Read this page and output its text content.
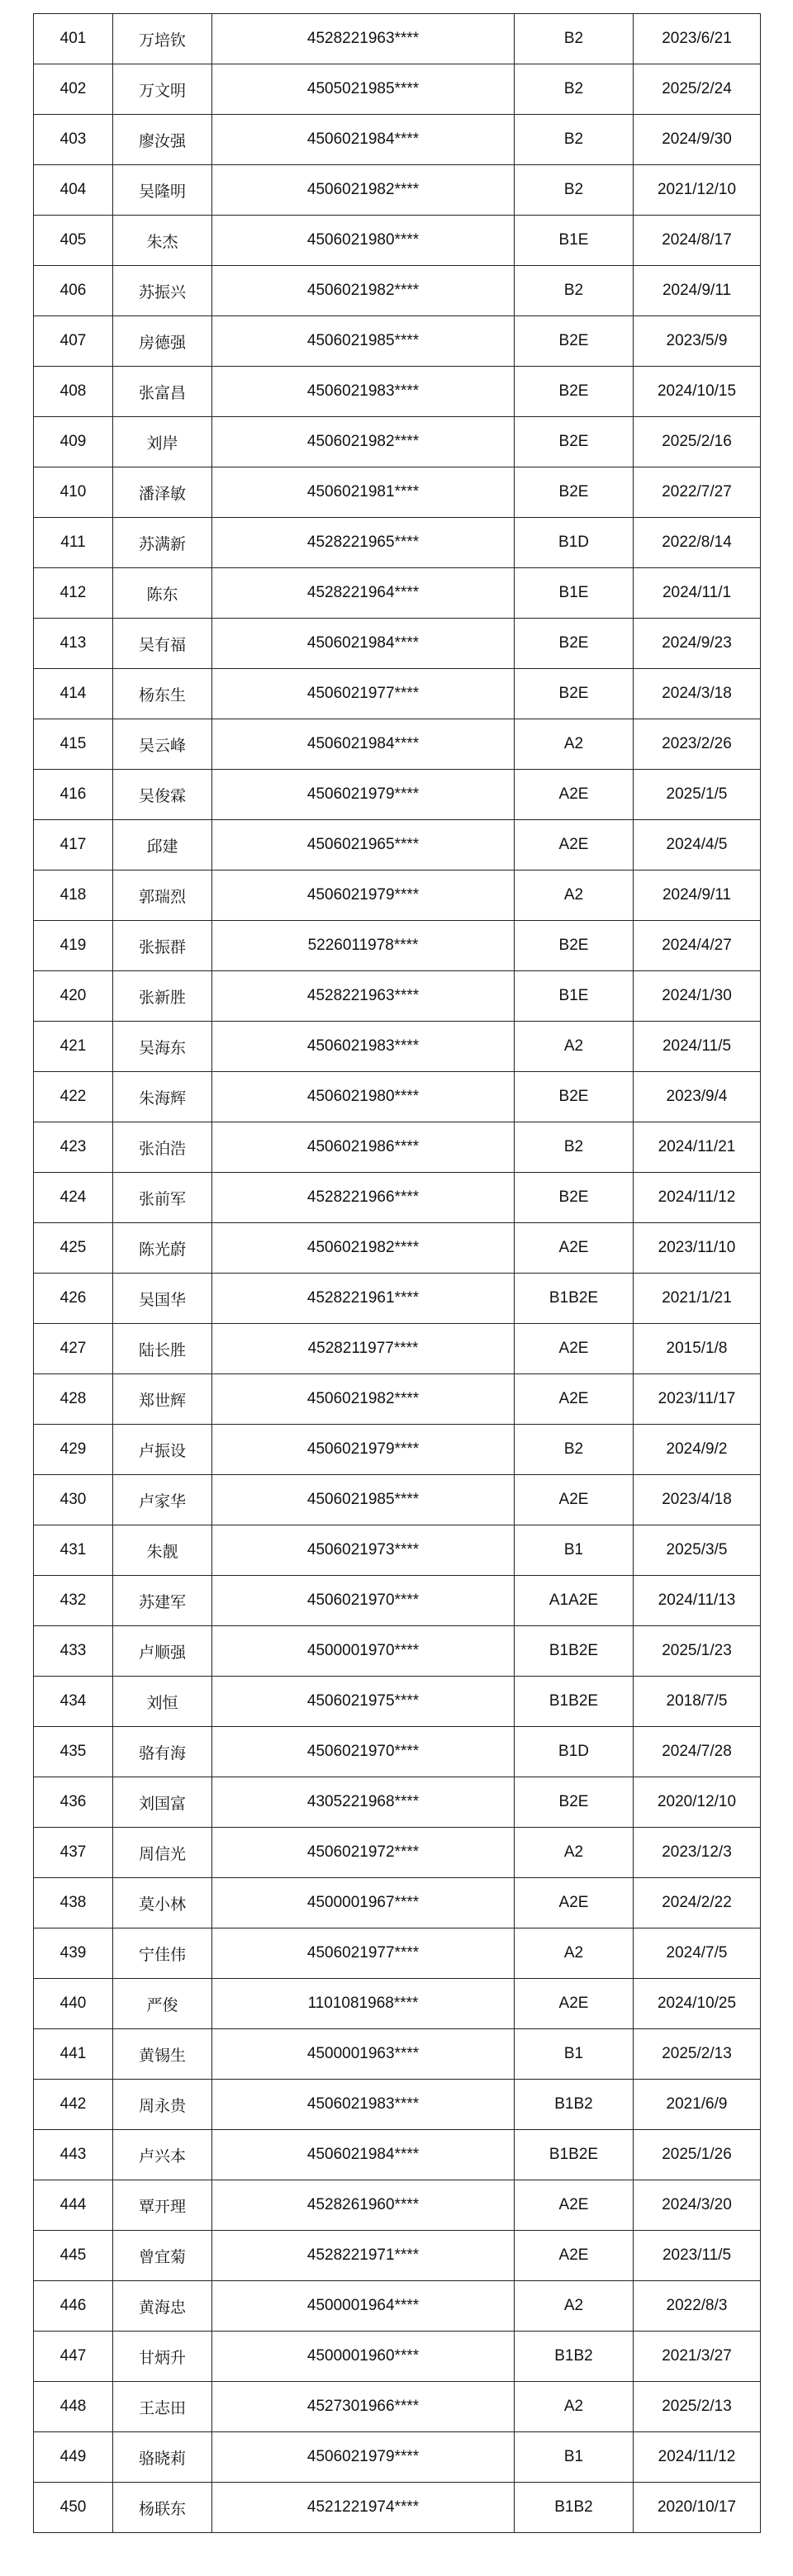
401	万培钦	4528221963****	B2	2023/6/21
402	万文明	4505021985****	B2	2025/2/24
403	廖汝强	4506021984****	B2	2024/9/30
404	吴隆明	4506021982****	B2	2021/12/10
405	朱杰	4506021980****	B1E	2024/8/17
406	苏振兴	4506021982****	B2	2024/9/11
407	房德强	4506021985****	B2E	2023/5/9
408	张富昌	4506021983****	B2E	2024/10/15
409	刘岸	4506021982****	B2E	2025/2/16
410	潘泽敏	4506021981****	B2E	2022/7/27
411	苏满新	4528221965****	B1D	2022/8/14
412	陈东	4528221964****	B1E	2024/11/1
413	吴有福	4506021984****	B2E	2024/9/23
414	杨东生	4506021977****	B2E	2024/3/18
415	吴云峰	4506021984****	A2	2023/2/26
416	吴俊霖	4506021979****	A2E	2025/1/5
417	邱建	4506021965****	A2E	2024/4/5
418	郭瑞烈	4506021979****	A2	2024/9/11
419	张振群	5226011978****	B2E	2024/4/27
420	张新胜	4528221963****	B1E	2024/1/30
421	吴海东	4506021983****	A2	2024/11/5
422	朱海辉	4506021980****	B2E	2023/9/4
423	张泊浩	4506021986****	B2	2024/11/21
424	张前军	4528221966****	B2E	2024/11/12
425	陈光蔚	4506021982****	A2E	2023/11/10
426	吴国华	4528221961****	B1B2E	2021/1/21
427	陆长胜	4528211977****	A2E	2015/1/8
428	郑世辉	4506021982****	A2E	2023/11/17
429	卢振设	4506021979****	B2	2024/9/2
430	卢家华	4506021985****	A2E	2023/4/18
431	朱靓	4506021973****	B1	2025/3/5
432	苏建军	4506021970****	A1A2E	2024/11/13
433	卢顺强	4500001970****	B1B2E	2025/1/23
434	刘恒	4506021975****	B1B2E	2018/7/5
435	骆有海	4506021970****	B1D	2024/7/28
436	刘国富	4305221968****	B2E	2020/12/10
437	周信光	4506021972****	A2	2023/12/3
438	莫小林	4500001967****	A2E	2024/2/22
439	宁佳伟	4506021977****	A2	2024/7/5
440	严俊	1101081968****	A2E	2024/10/25
441	黄锡生	4500001963****	B1	2025/2/13
442	周永贵	4506021983****	B1B2	2021/6/9
443	卢兴本	4506021984****	B1B2E	2025/1/26
444	覃开理	4528261960****	A2E	2024/3/20
445	曾宜菊	4528221971****	A2E	2023/11/5
446	黄海忠	4500001964****	A2	2022/8/3
447	甘炳升	4500001960****	B1B2	2021/3/27
448	王志田	4527301966****	A2	2025/2/13
449	骆晓莉	4506021979****	B1	2024/11/12
450	杨联东	4521221974****	B1B2	2020/10/17
